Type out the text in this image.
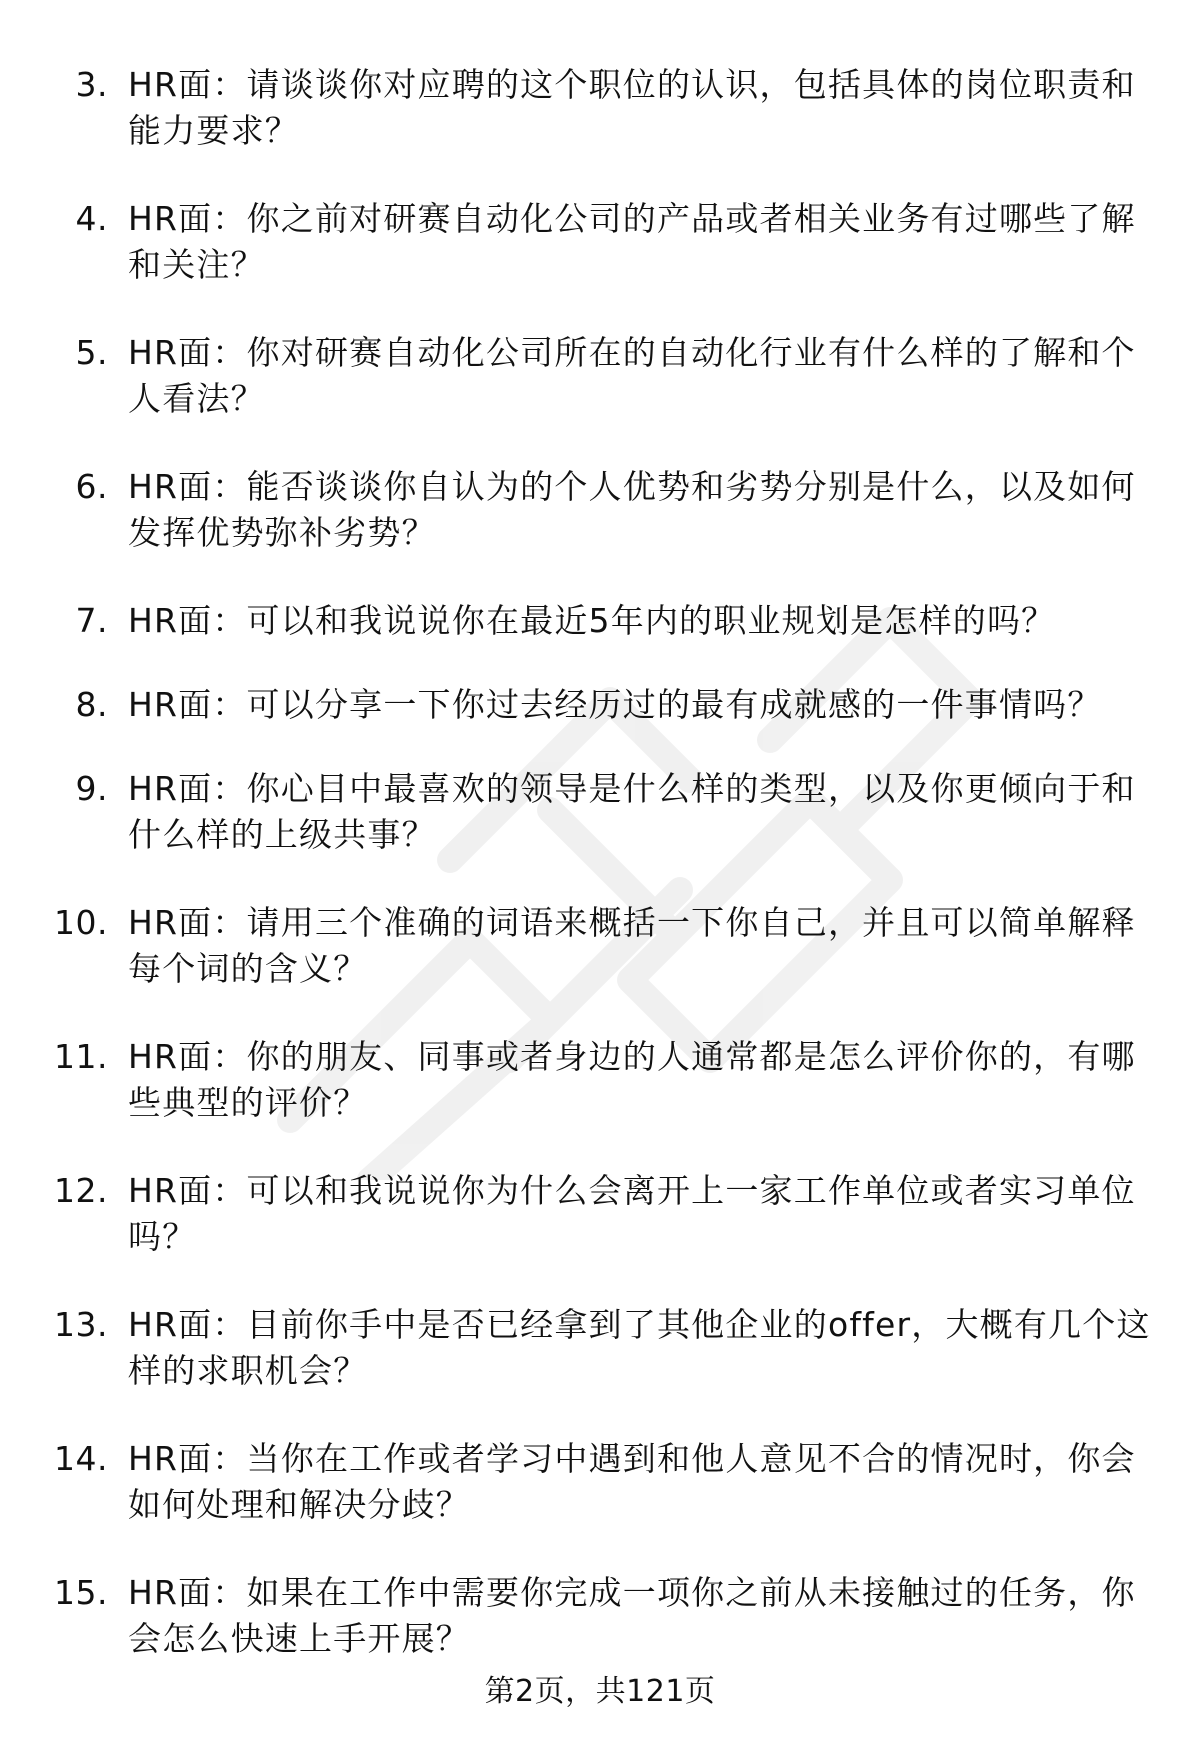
3. HR面：请谈谈你对应聘的这个职位的认识，包括具体的岗位职责和能力要求？
4. HR面：你之前对研赛自动化公司的产品或者相关业务有过哪些了解和关注？
5. HR面：你对研赛自动化公司所在的自动化行业有什么样的了解和个人看法？
6. HR面：能否谈谈你自认为的个人优势和劣势分别是什么，以及如何发挥优势弥补劣势？
7. HR面：可以和我说说你在最近5年内的职业规划是怎样的吗？
8. HR面：可以分享一下你过去经历过的最有成就感的一件事情吗？
9. HR面：你心目中最喜欢的领导是什么样的类型，以及你更倾向于和什么样的上级共事？
10. HR面：请用三个准确的词语来概括一下你自己，并且可以简单解释每个词的含义？
11. HR面：你的朋友、同事或者身边的人通常都是怎么评价你的，有哪些典型的评价？
12. HR面：可以和我说说你为什么会离开上一家工作单位或者实习单位吗？
13. HR面：目前你手中是否已经拿到了其他企业的offer，大概有几个这样的求职机会？
14. HR面：当你在工作或者学习中遇到和他人意见不合的情况时，你会如何处理和解决分歧？
15. HR面：如果在工作中需要你完成一项你之前从未接触过的任务，你会怎么快速上手开展？
第2页，共121页
